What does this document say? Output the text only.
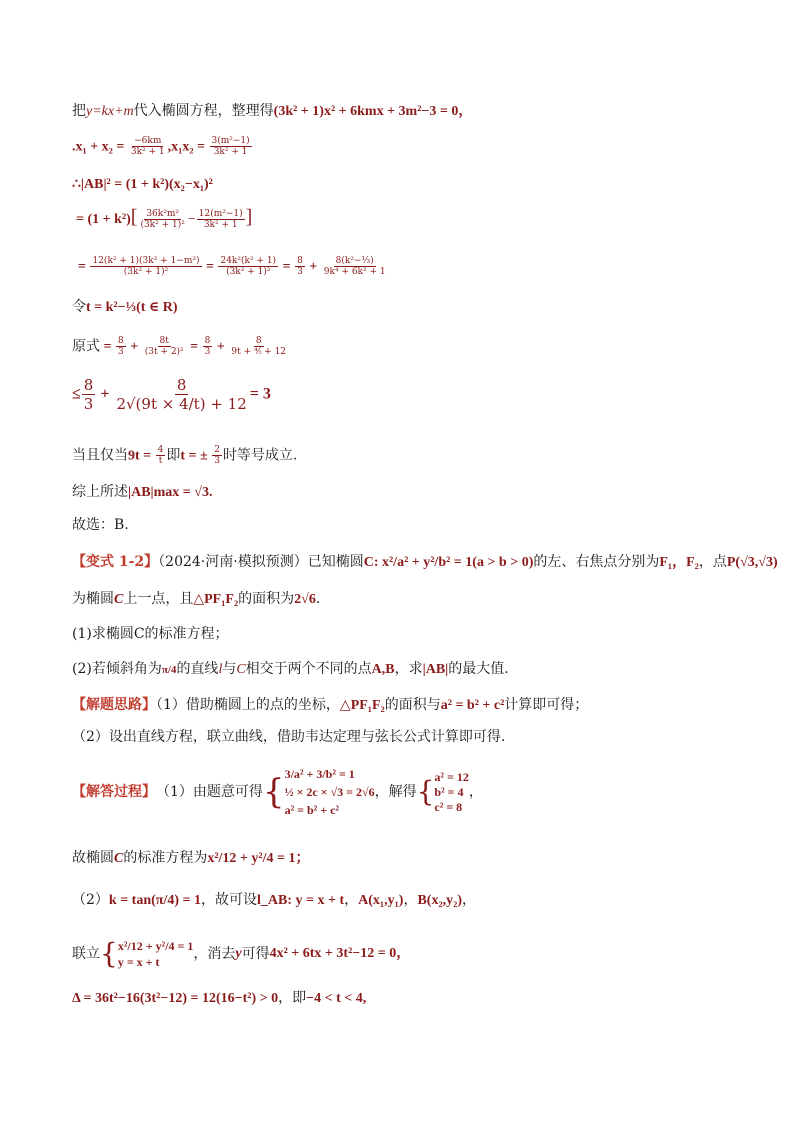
把y=kx+m代入椭圆方程，整理得(3k² + 1)x² + 6kmx + 3m²−3 = 0，
$.x_1 + x_2 = \frac{-6km}{\text{3k² + 1}} ,x_1x_2 = \frac{\text{3(m²−1)}}{\text{3k² + 1}}$
∴|AB|² = (1 + k²)(x₂−x₁)²
= $(1 + k^2)[ \frac{\text{36k²m²}}{\text{(3k² + 1)²}} - \frac{\text{12(m²−1)}}{\text{3k² + 1}}$ ]
= $\frac{\text{12(k² + 1)(3k² + 1−m²)}}{\text{(3k² + 1)²}} = \frac{\text{24k²(k² + 1)}}{\text{(3k² + 1)²}} = \frac{8}{3} + \frac{\text{8(k²−⅓)}}{\text{9k⁴ + 6k² + 1}}$
令t = k²−⅓(t ∈ R)
原式 = $\frac{8}{3} + \frac{8t}{\text{(3t + 2)²}} = \frac{8}{3} + \frac{8}{\text{9t + ⁴⁄ₜ + 12}}$
≤ $\frac{8}{3} + \frac{8}{2√(9t \times 4/t) + 12} = 3$
当且仅当$9t = \frac{4}{t}$ 即t = ± $\frac{2}{3}$ 时等号成立.
综上所述|AB|max = √3.
故选：B.
【变式 1-2】（2024·河南·模拟预测）已知椭圆C: x²/a² + y²/b² = 1(a > b > 0)的左、右焦点分别为F₁，F₂，点P(√3,√3)
为椭圆C上一点，且△PF₁F₂的面积为2√6.
(1)求椭圆C的标准方程；
(2)若倾斜角为π/4的直线l与C相交于两个不同的点A,B，求|AB|的最大值.
【解题思路】（1）借助椭圆上的点的坐标，△PF₁F₂的面积与a² = b² + c²计算即可得；
（2）设出直线方程，联立曲线，借助韦达定理与弦长公式计算即可得.
【解答过程】 （1）由题意可得 { 3/a² + 3/b² = 1
½ × 2c × √3 = 2√6
a² = b² + c²
，解得 { a² = 12
b² = 4
c² = 8
，
故椭圆C的标准方程为x²/12 + y²/4 = 1；
（2）k = tan(π/4) = 1，故可设l_AB: y = x + t，A(x₁,y₁)，B(x₂,y₂)，
联立 { x²/12 + y²/4 = 1
y = x + t	，消去 y 可得 4x² + 6tx + 3t²−12 = 0，
Δ = 36t²−16(3t²−12) = 12(16−t²) > 0，即−4 < t < 4,
